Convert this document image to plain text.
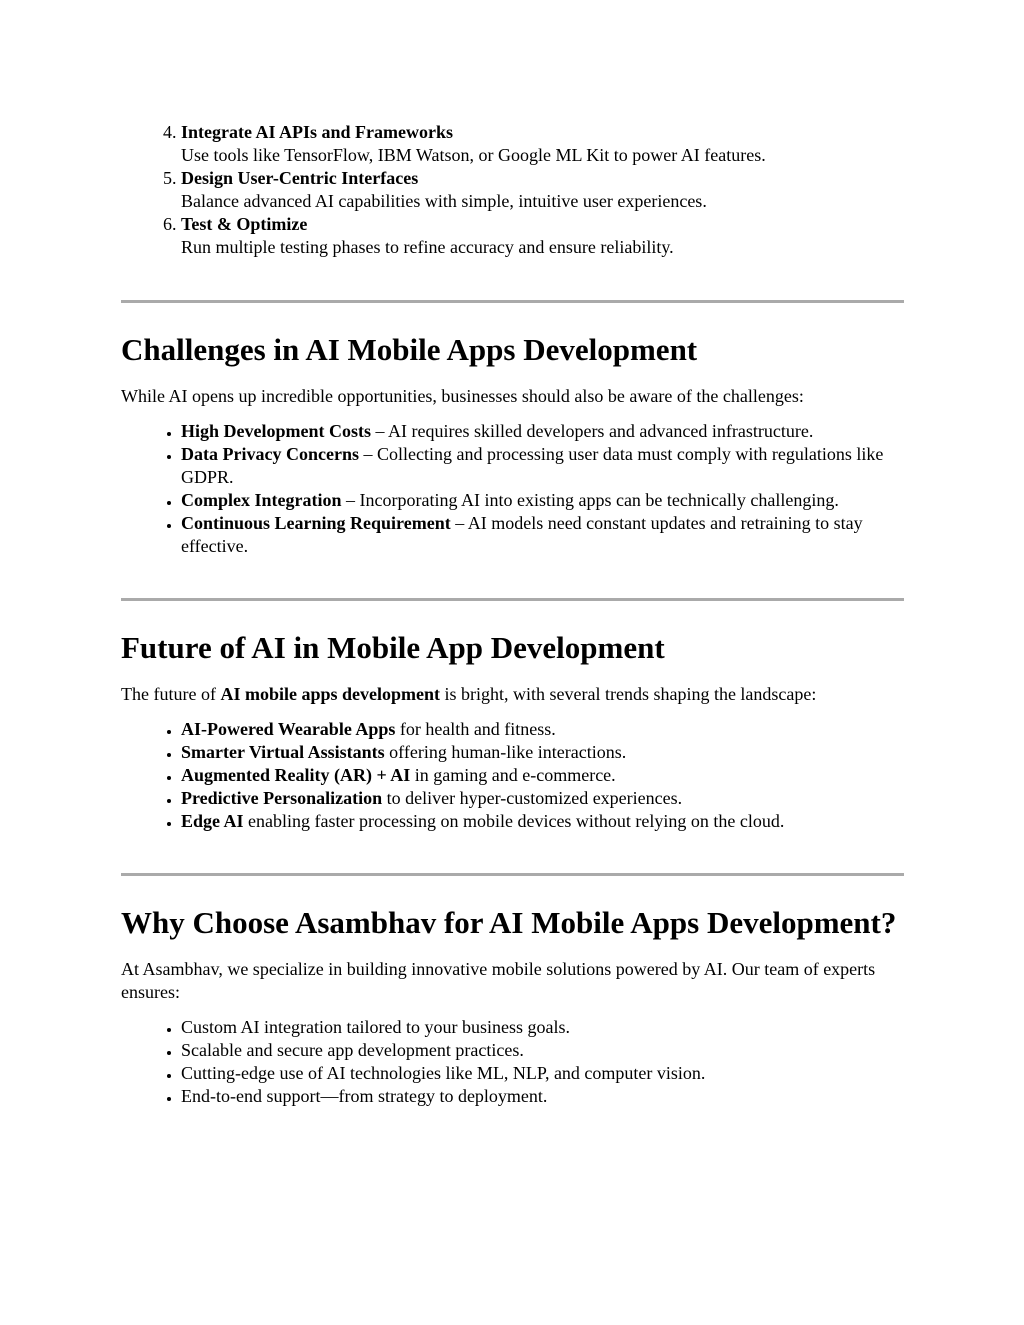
4. Integrate AI APIs and Frameworks
Use tools like TensorFlow, IBM Watson, or Google ML Kit to power AI features.
5. Design User-Centric Interfaces
Balance advanced AI capabilities with simple, intuitive user experiences.
6. Test & Optimize
Run multiple testing phases to refine accuracy and ensure reliability.
Challenges in AI Mobile Apps Development

While AI opens up incredible opportunities, businesses should also be aware of the challenges:

• High Development Costs – AI requires skilled developers and advanced infrastructure.
• Data Privacy Concerns – Collecting and processing user data must comply with regulations like GDPR.
• Complex Integration – Incorporating AI into existing apps can be technically challenging.
• Continuous Learning Requirement – AI models need constant updates and retraining to stay effective.
Future of AI in Mobile App Development

The future of AI mobile apps development is bright, with several trends shaping the landscape:

• AI-Powered Wearable Apps for health and fitness.
• Smarter Virtual Assistants offering human-like interactions.
• Augmented Reality (AR) + AI in gaming and e-commerce.
• Predictive Personalization to deliver hyper-customized experiences.
• Edge AI enabling faster processing on mobile devices without relying on the cloud.
Why Choose Asambhav for AI Mobile Apps Development?

At Asambhav, we specialize in building innovative mobile solutions powered by AI. Our team of experts ensures:

• Custom AI integration tailored to your business goals.
• Scalable and secure app development practices.
• Cutting-edge use of AI technologies like ML, NLP, and computer vision.
• End-to-end support—from strategy to deployment.
